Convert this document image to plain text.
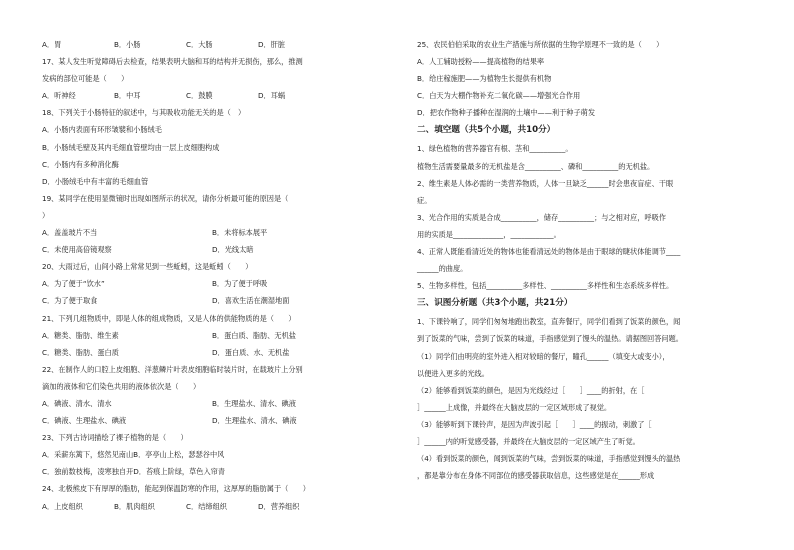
A．胃	B．小肠	C．大肠	D．肝脏
17、某人发生听觉障碍后去检查，结果表明大脑和耳的结构并无损伤，那么，推测
发病的部位可能是（　　）
A．听神经	B．中耳	C．鼓膜	D．耳蜗
18、下列关于小肠特征的叙述中，与其吸收功能无关的是（　）
A．小肠内表面有环形皱襞和小肠绒毛
B．小肠绒毛壁及其内毛细血管壁均由一层上皮细胞构成
C．小肠内有多种消化酶
D．小肠绒毛中有丰富的毛细血管
19、某同学在使用显微镜时出现如图所示的状况，请你分析最可能的原因是（
）
A．盖盖玻片不当	B．未将标本展平
C．未使用高倍镜观察	D．光线太暗
20、大雨过后，山间小路上常常见到一些蚯蚓，这是蚯蚓（　　）
A．为了便于“饮水”	B．为了便于呼吸
C．为了便于取食	D．喜欢生活在潮湿地面
21、下列几组物质中，即是人体的组成物质，又是人体的供能物质的是（　　）
A．糖类、脂肪、维生素	B．蛋白质、脂肪、无机盐
C．糖类、脂肪、蛋白质	D．蛋白质、水、无机盐
22、在制作人的口腔上皮细胞、洋葱鳞片叶表皮细胞临时装片时，在载玻片上分别
滴加的液体和它们染色共用的液体依次是（　　）
A．碘液、清水、清水	B．生理盐水、清水、碘液
C．碘液、生理盐水、碘液	D．生理盐水、清水、碘液
23、下列古诗词描绘了裸子植物的是（　　）
A．采薪东篱下，悠然见南山B．亭亭山上松，瑟瑟谷中风
C．独前数枝梅，凌寒独自开D．苔痕上阶绿，草色入帘青
24、北极熊皮下有厚厚的脂肪，能起到保温防寒的作用，这厚厚的脂肪属于（　　）
A．上皮组织	B．肌肉组织	C．结缔组织	D．营养组织
25、农民伯伯采取的农业生产措施与所依据的生物学原理不一致的是（　　）
A．人工辅助授粉——提高植物的结果率
B．给庄稼施肥——为植物生长提供有机物
C．白天为大棚作物补充二氧化碳——增强光合作用
D．把农作物种子播种在湿润的土壤中——利于种子萌发
二、填空题（共5个小题，共10分）
1、绿色植物的营养器官有根、茎和__________。
植物生活需要量最多的无机盐是含__________、磷和__________的无机盐。
2、维生素是人体必需的一类营养物质，人体一旦缺乏______时会患夜盲症、干眼
症。
3、光合作用的实质是合成__________，储存__________；与之相对应，呼吸作
用的实质是______________，____________。
4、正常人既能看清近处的物体也能看清远处的物体是由于眼球的睫状体能调节____
______的曲度。
5、生物多样性，包括__________多样性、__________多样性和生态系统多样性。
三、识图分析题（共3个小题，共21分）
1、下课铃响了，同学们匆匆地跑出教室，直奔餐厅，同学们看到了饭菜的颜色，闻
到了饭菜的气味，尝到了饭菜的味道，手指感觉到了馒头的温热。请据图回答问题。
（1）同学们由明亮的室外进入相对较暗的餐厅，瞳孔______（填变大或变小），
以便进入更多的光线。
（2）能够看到饭菜的颜色，是因为光线经过［　　］____的折射，在［
］______上成像，并最终在大脑皮层的一定区域形成了视觉。
（3）能够听到下课铃声，是因为声波引起［　　］____的振动，刺激了［
］______内的听觉感受器，并最终在大脑皮层的一定区域产生了听觉。
（4）看到饭菜的颜色，闻到饭菜的气味，尝到饭菜的味道，手指感觉到馒头的温热
，都是靠分布在身体不同部位的感受器获取信息，这些感觉是在______形成
